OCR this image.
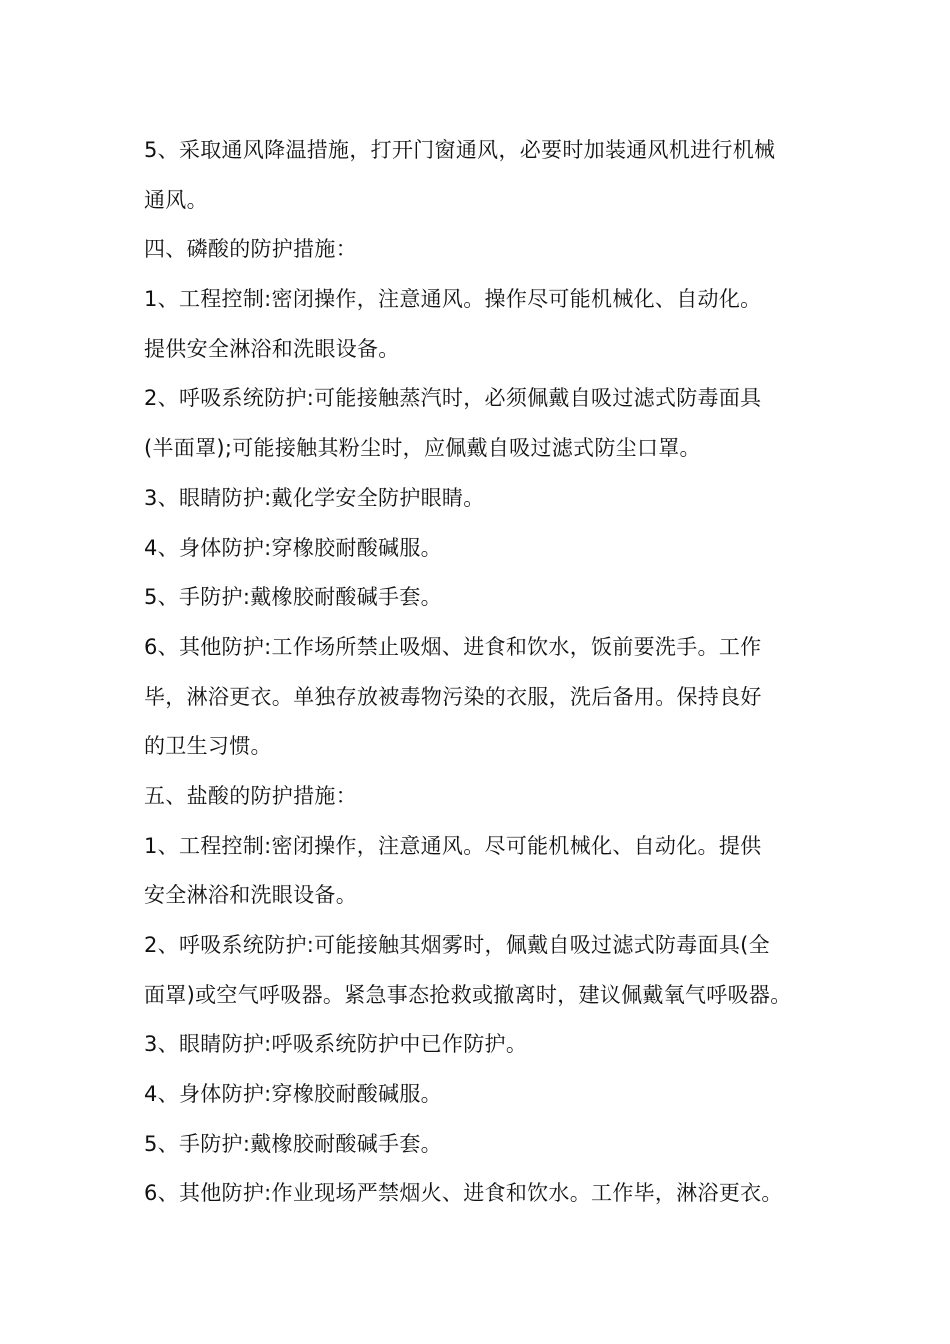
5、采取通风降温措施，打开门窗通风，必要时加装通风机进行机械
通风。
四、磷酸的防护措施：
1、工程控制:密闭操作，注意通风。操作尽可能机械化、自动化。
提供安全淋浴和洗眼设备。
2、呼吸系统防护:可能接触蒸汽时，必须佩戴自吸过滤式防毒面具
(半面罩);可能接触其粉尘时，应佩戴自吸过滤式防尘口罩。
3、眼睛防护:戴化学安全防护眼睛。
4、身体防护:穿橡胶耐酸碱服。
5、手防护:戴橡胶耐酸碱手套。
6、其他防护:工作场所禁止吸烟、进食和饮水，饭前要洗手。工作
毕，淋浴更衣。单独存放被毒物污染的衣服，洗后备用。保持良好
的卫生习惯。
五、盐酸的防护措施：
1、工程控制:密闭操作，注意通风。尽可能机械化、自动化。提供
安全淋浴和洗眼设备。
2、呼吸系统防护:可能接触其烟雾时，佩戴自吸过滤式防毒面具(全
面罩)或空气呼吸器。紧急事态抢救或撤离时，建议佩戴氧气呼吸器。
3、眼睛防护:呼吸系统防护中已作防护。
4、身体防护:穿橡胶耐酸碱服。
5、手防护:戴橡胶耐酸碱手套。
6、其他防护:作业现场严禁烟火、进食和饮水。工作毕，淋浴更衣。
